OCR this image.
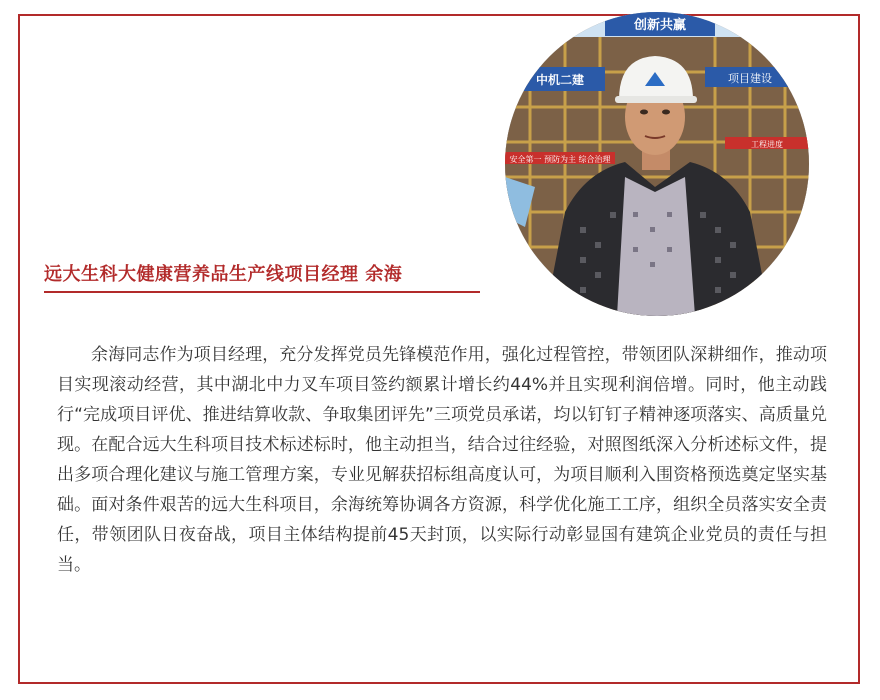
创新共赢
中机二建	项目建设
安全第一 预防为主 综合治理
工程进度
远大生科大健康营养品生产线项目经理 余海

余海同志作为项目经理，充分发挥党员先锋模范作用，强化过程管控，带领团队深耕细作，推动项目实现滚动经营，其中湖北中力叉车项目签约额累计增长约44%并且实现利润倍增。同时，他主动践行“完成项目评优、推进结算收款、争取集团评先”三项党员承诺，均以钉钉子精神逐项落实、高质量兑现。在配合远大生科项目技术标述标时，他主动担当，结合过往经验，对照图纸深入分析述标文件，提出多项合理化建议与施工管理方案，专业见解获招标组高度认可，为项目顺利入围资格预选奠定坚实基础。面对条件艰苦的远大生科项目，余海统筹协调各方资源，科学优化施工工序，组织全员落实安全责任，带领团队日夜奋战，项目主体结构提前45天封顶，以实际行动彰显国有建筑企业党员的责任与担当。
